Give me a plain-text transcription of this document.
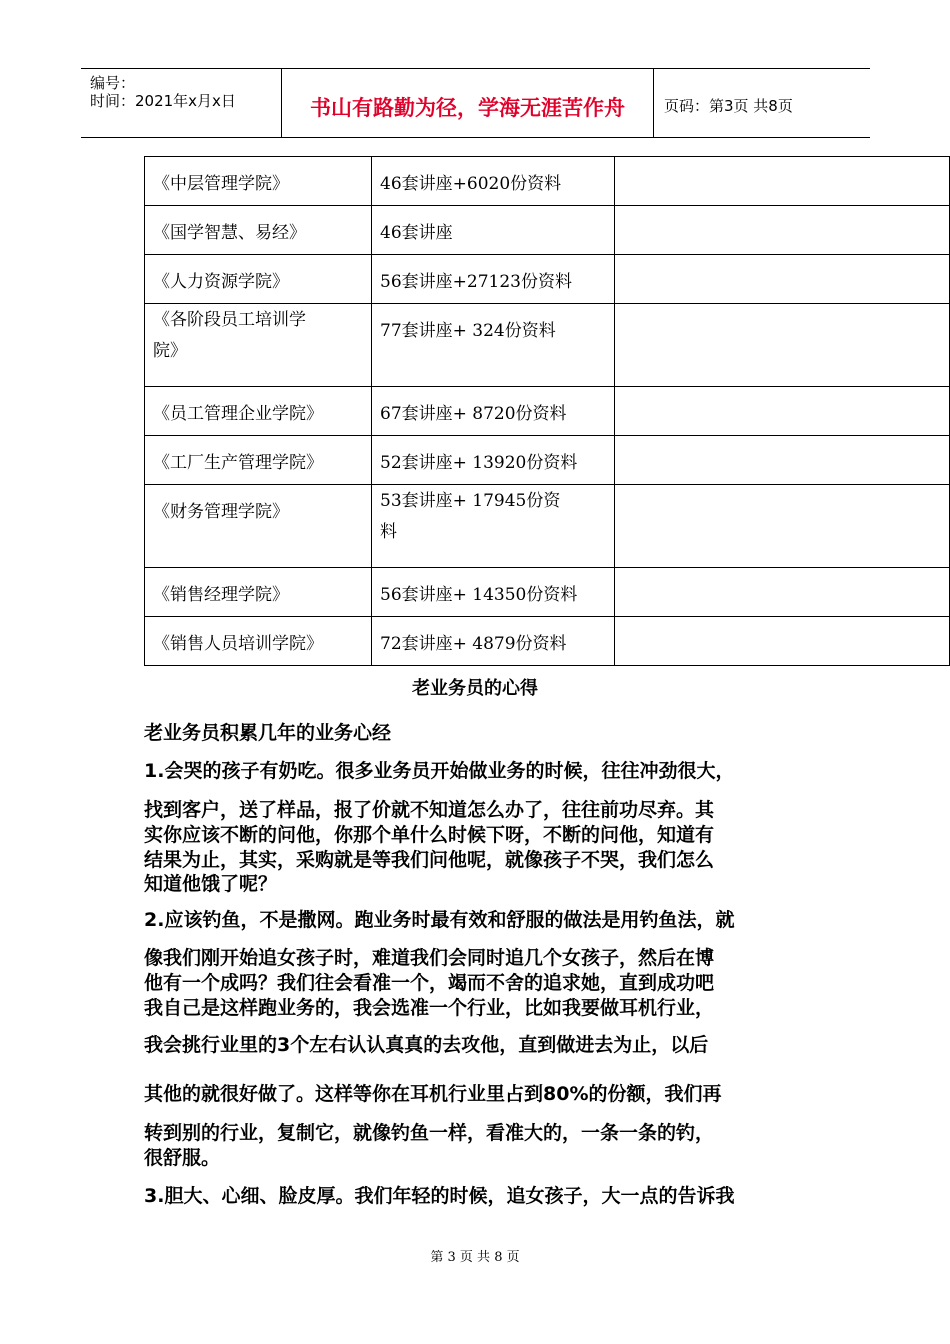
编号：
时间：2021年x月x日	书山有路勤为径，学海无涯苦作舟	页码：第3页 共8页
《中层管理学院》	46套讲座+6020份资料	
《国学智慧、易经》	46套讲座	
《人力资源学院》	56套讲座+27123份资料	

《各阶段员工培训学
院》	77套讲座+ 324份资料	
《员工管理企业学院》	67套讲座+ 8720份资料	
《工厂生产管理学院》	52套讲座+ 13920份资料	
《财务管理学院》	53套讲座+ 17945份资
料	

《销售经理学院》	56套讲座+ 14350份资料	
《销售人员培训学院》	72套讲座+ 4879份资料	
老业务员的心得
老业务员积累几年的业务心经
1.会哭的孩子有奶吃。很多业务员开始做业务的时候，往往冲劲很大，
找到客户，送了样品，报了价就不知道怎么办了，往往前功尽弃。其
实你应该不断的问他，你那个单什么时候下呀，不断的问他，知道有
结果为止，其实，采购就是等我们问他呢，就像孩子不哭，我们怎么
知道他饿了呢？
2.应该钓鱼，不是撒网。跑业务时最有效和舒服的做法是用钓鱼法，就
像我们刚开始追女孩子时，难道我们会同时追几个女孩子，然后在博
他有一个成吗？我们往会看准一个，竭而不舍的追求她，直到成功吧
我自己是这样跑业务的，我会选准一个行业，比如我要做耳机行业，
我会挑行业里的3个左右认认真真的去攻他，直到做进去为止，以后
其他的就很好做了。这样等你在耳机行业里占到80%的份额，我们再
转到别的行业，复制它，就像钓鱼一样，看准大的，一条一条的钓，
很舒服。
3.胆大、心细、脸皮厚。我们年轻的时候，追女孩子，大一点的告诉我
第 3 页 共 8 页
